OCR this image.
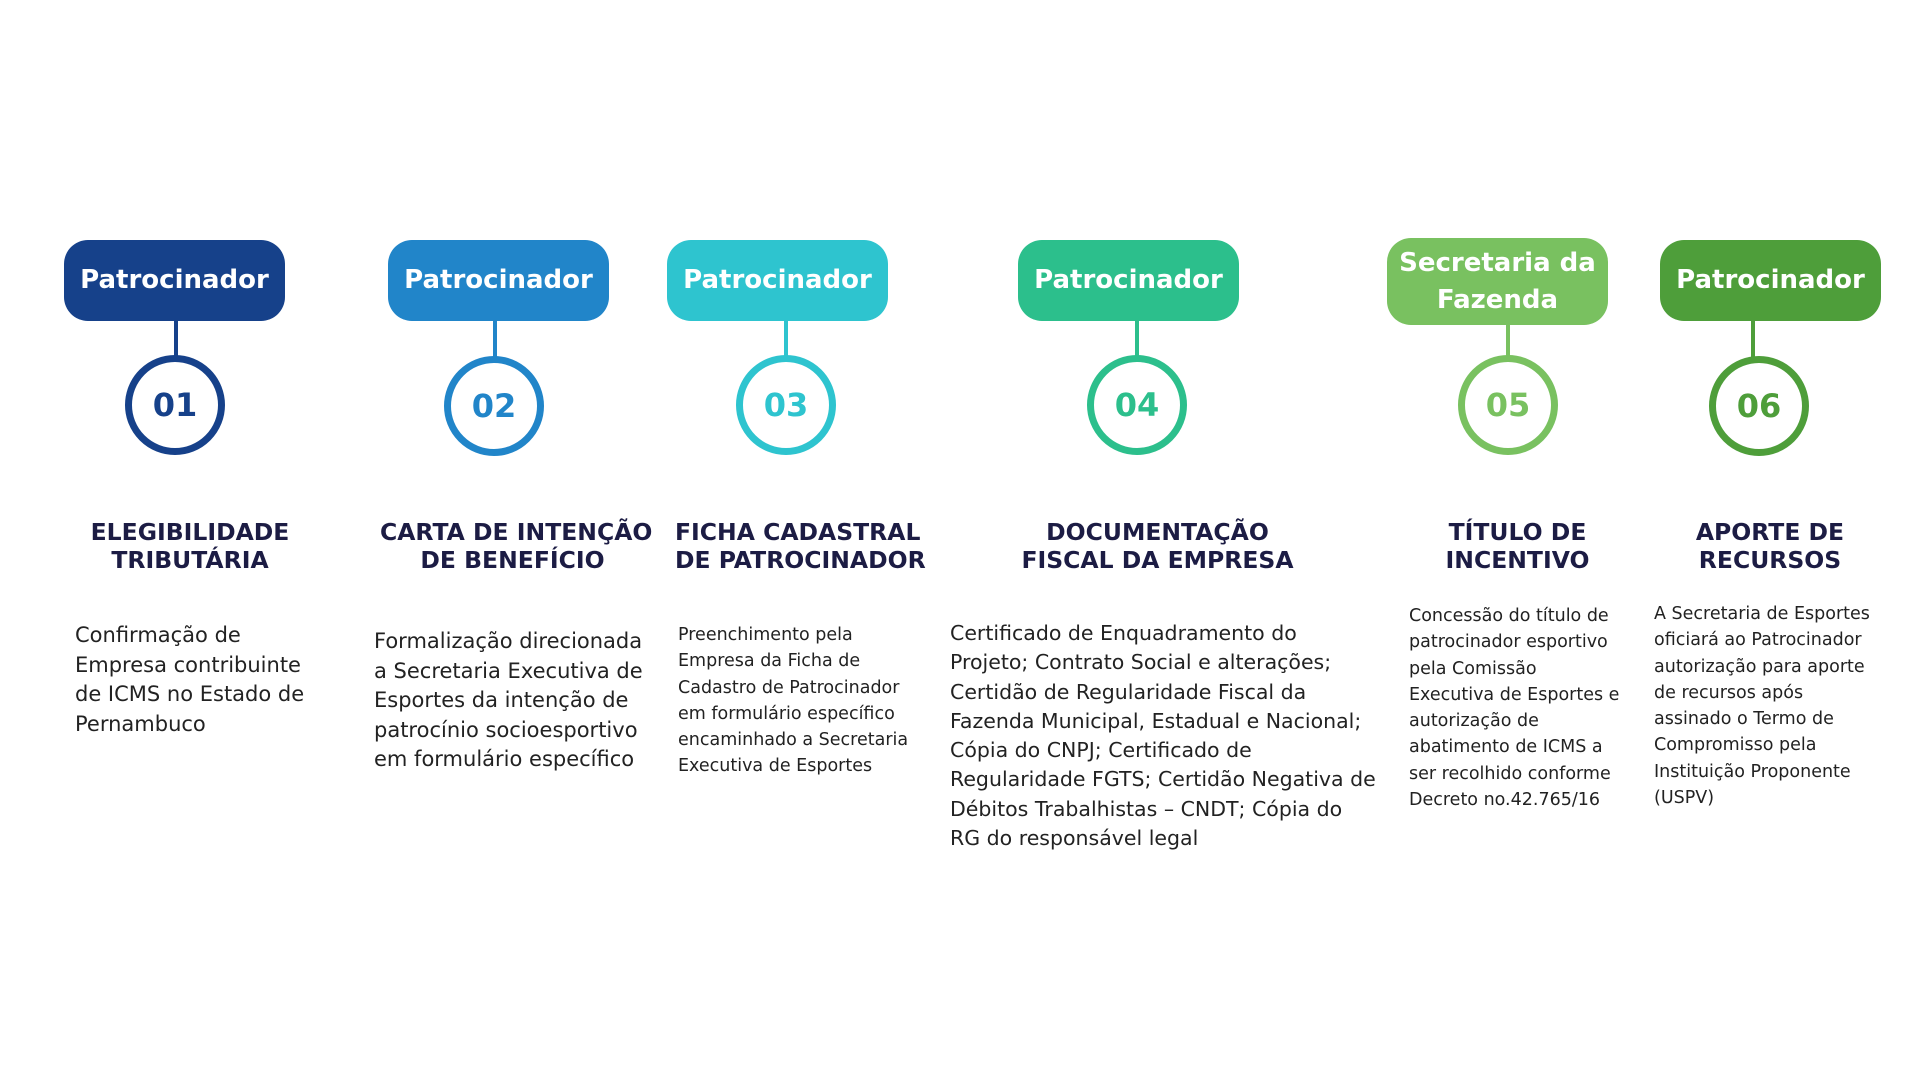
Patrocinador
01
ELEGIBILIDADE
TRIBUTÁRIA
Confirmação de
Empresa contribuinte
de ICMS no Estado de
Pernambuco
Patrocinador
02
CARTA DE INTENÇÃO
DE BENEFÍCIO
Formalização direcionada
a Secretaria Executiva de
Esportes da intenção de
patrocínio socioesportivo
em formulário específico
Patrocinador
03
FICHA CADASTRAL
DE PATROCINADOR
Preenchimento pela
Empresa da Ficha de
Cadastro de Patrocinador
em formulário específico
encaminhado a Secretaria
Executiva de Esportes
Patrocinador
04
DOCUMENTAÇÃO
FISCAL DA EMPRESA
Certificado de Enquadramento do
Projeto; Contrato Social e alterações;
Certidão de Regularidade Fiscal da
Fazenda Municipal, Estadual e Nacional;
Cópia do CNPJ; Certificado de
Regularidade FGTS; Certidão Negativa de
Débitos Trabalhistas – CNDT; Cópia do
RG do responsável legal
Secretaria da
Fazenda
05
TÍTULO DE
INCENTIVO
Concessão do título de
patrocinador esportivo
pela Comissão
Executiva de Esportes e
autorização de
abatimento de ICMS a
ser recolhido conforme
Decreto no.42.765/16
Patrocinador
06
APORTE DE
RECURSOS
A Secretaria de Esportes
oficiará ao Patrocinador
autorização para aporte
de recursos após
assinado o Termo de
Compromisso pela
Instituição Proponente
(USPV)
